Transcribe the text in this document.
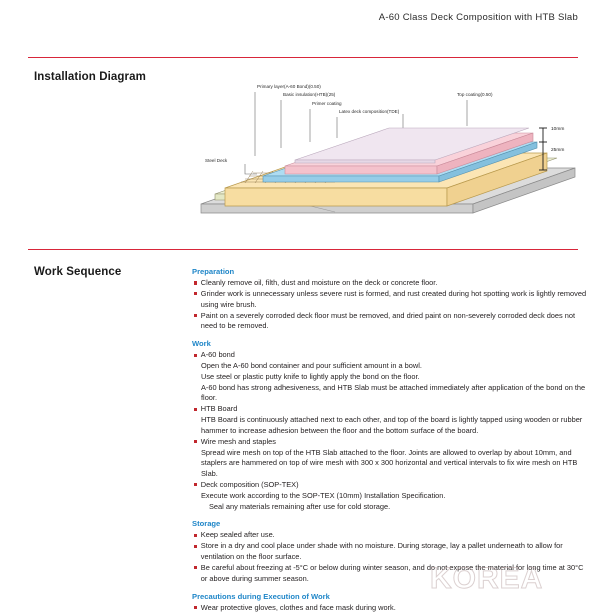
A-60 Class Deck Composition with HTB Slab
Installation Diagram
Primary layer(A-60 Bond)(0.50)
Basic insulation(HTB)(25)
Primer coating
Latex deck composition(TDE)
Top coating(0.50)
Steel Deck
10mm
25mm
Work Sequence	Preparation
Cleanly remove oil, filth, dust and moisture on the deck or concrete floor.
Grinder work is unnecessary unless severe rust is formed, and rust created during hot spotting work is lightly removed using wire brush.
Paint on a severely corroded deck floor must be removed, and dried paint on non-severely corroded deck does not need to be removed.
Work
A-60 bond
Open the A-60 bond container and pour sufficient amount in a bowl.
Use steel or plastic putty knife to lightly apply the bond on the floor.
A-60 bond has strong adhesiveness, and HTB Slab must be attached immediately after application of the bond on the floor.
HTB Board
HTB Board is continuously attached next to each other, and top of the board is lightly tapped using wooden or rubber hammer to increase adhesion between the floor and the bottom surface of the board.
Wire mesh and staples
Spread wire mesh on top of the HTB Slab attached to the floor. Joints are allowed to overlap by about 10mm, and staplers are hammered on top of wire mesh with 300 x 300 horizontal and vertical intervals to fix wire mesh on HTB Slab.
Deck composition (SOP-TEX)
Execute work according to the SOP-TEX (10mm) Installation Specification.
Seal any materials remaining after use for cold storage.
Storage
Keep sealed after use.
Store in a dry and cool place under shade with no moisture. During storage, lay a pallet underneath to allow for ventilation on the floor surface.
Be careful about freezing at -5°C or below during winter season, and do not expose the material for long time at 30°C or above during summer season.
Precautions during Execution of Work
Wear protective gloves, clothes and face mask during work.
KOREA
